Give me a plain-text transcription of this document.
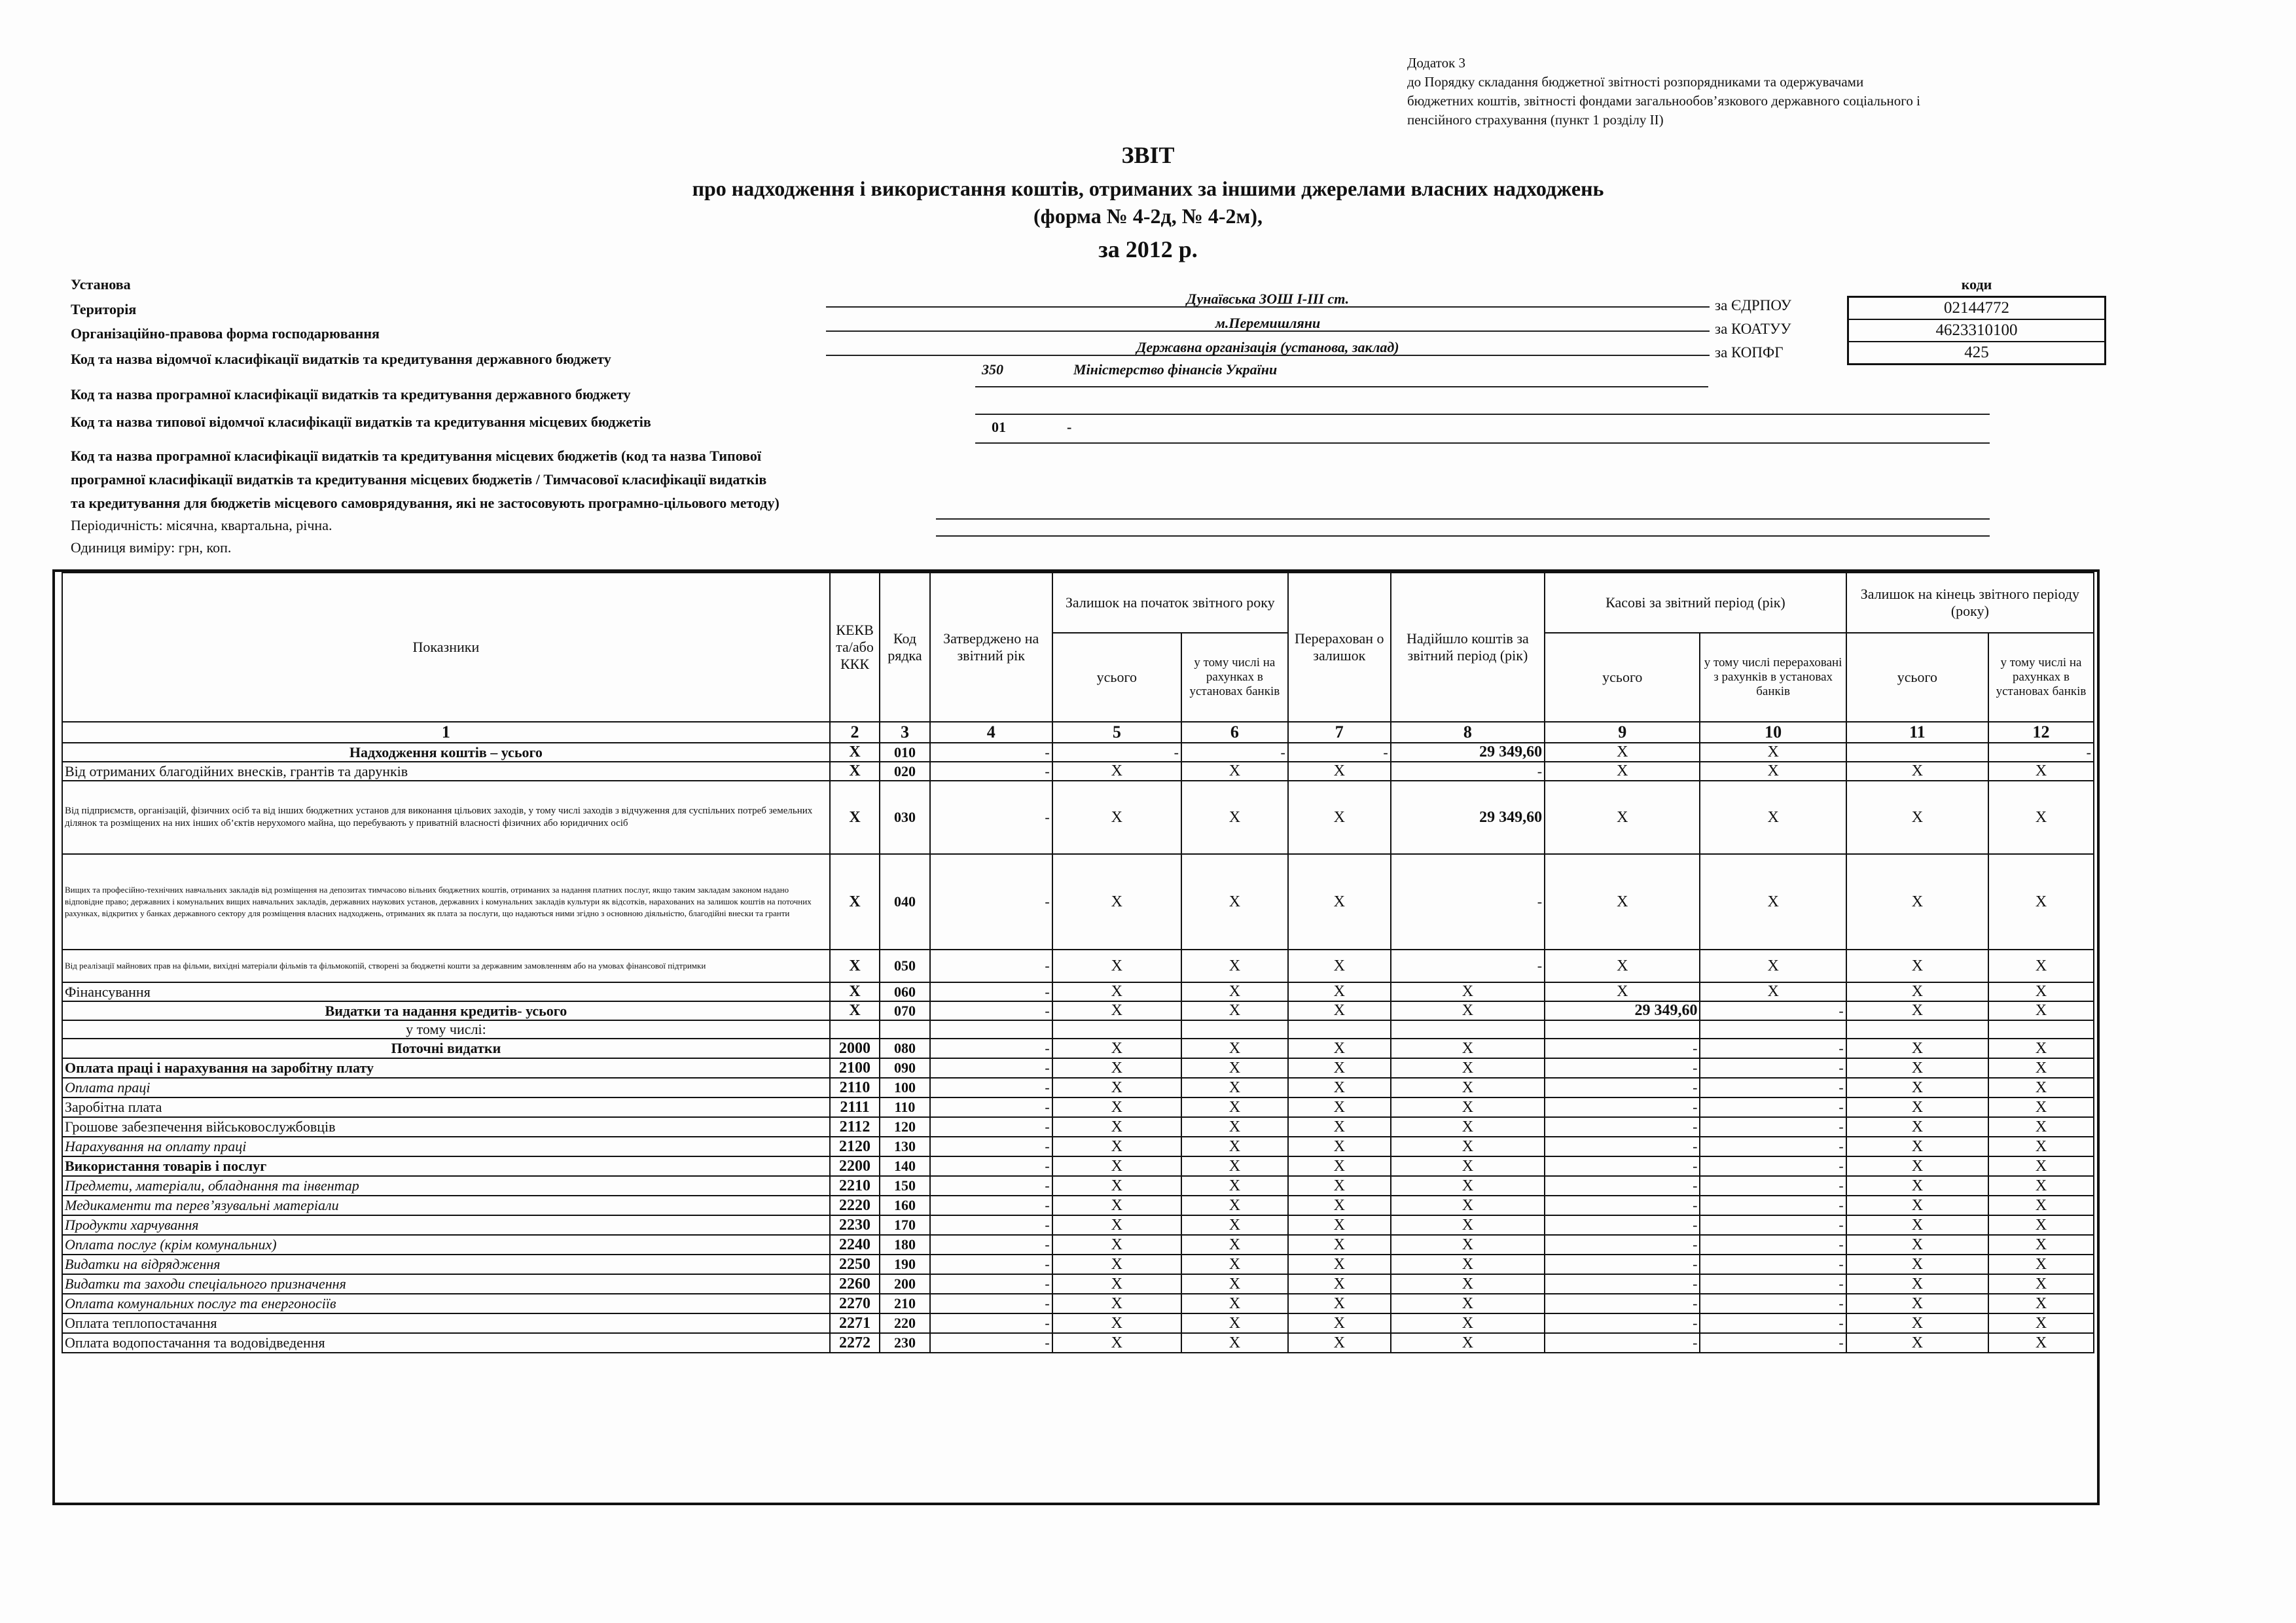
Додаток 3
до Порядку складання бюджетної звітності розпорядниками та одержувачами
бюджетних коштів, звітності фондами загальнообов’язкового державного соціального і
пенсійного страхування (пункт 1 розділу II)
ЗВІТ
про надходження і використання коштів, отриманих за іншими джерелами власних надходжень
(форма № 4-2д, № 4-2м),
за 2012 р.
Установа
Територія
Організаційно-правова форма господарювання
Код та назва відомчої класифікації видатків та кредитування державного бюджету
Код та назва програмної класифікації видатків та кредитування державного бюджету
Код та назва типової відомчої класифікації видатків та кредитування місцевих бюджетів
Код та назва програмної класифікації видатків та кредитування місцевих бюджетів (код та назва Типової
програмної класифікації видатків та кредитування місцевих бюджетів / Тимчасової класифікації видатків
та кредитування для бюджетів місцевого самоврядування, які не застосовують програмно-цільового методу)
Періодичність: місячна, квартальна, річна.
Одиниця виміру: грн, коп.
Дунаївська ЗОШ І-ІІІ ст.
м.Перемишляни
Державна організація (установа, заклад)
350	Міністерство фінансів України
01	-
коди
за ЄДРПОУ
за КОАТУУ
за КОПФГ
02144772
4623310100
425
Показники	КЕКВ та/або ККК	Код рядка	Затверджено на звітний рік	Залишок на початок звітного року		Перерахован о залишок	Надійшло коштів за звітний період (рік)	Касові за звітний період (рік)		Залишок на кінець звітного періоду (року)	
				усього	у тому числі на рахунках в установах банків			усього	у тому числі перераховані з рахунків в установах банків	усього	у тому числі на рахунках в установах банків
1	2	3	4	5	6	7	8	9	10	11	12
Надходження коштів – усього	X	010	-	-	-	-	29 349,60	X	X		-
Від отриманих благодійних внесків, грантів та дарунків	X	020	-	X	X	X	-	X	X	X	X
Від підприємств, організацій, фізичних осіб та від інших бюджетних установ для виконання цільових заходів, у тому числі заходів з відчуження для суспільних потреб земельних ділянок та розміщених на них інших об’єктів нерухомого майна, що перебувають у приватній власності фізичних або юридичних осіб	X	030	-	X	X	X	29 349,60	X	X	X	X
Вищих та професійно-технічних навчальних закладів від розміщення на депозитах тимчасово вільних бюджетних коштів, отриманих за надання платних послуг, якщо таким закладам законом надано відповідне право; державних і комунальних вищих навчальних закладів, державних наукових установ, державних і комунальних закладів культури як відсотків, нарахованих на залишок коштів на поточних рахунках, відкритих у банках державного сектору для розміщення власних надходжень, отриманих як плата за послуги, що надаються ними згідно з основною діяльністю, благодійні внески та гранти	X	040	-	X	X	X	-	X	X	X	X
Від реалізації майнових прав на фільми, вихідні матеріали фільмів та фільмокопій, створені за бюджетні кошти за державним замовленням або на умовах фінансової підтримки	X	050	-	X	X	X	-	X	X	X	X
Фінансування	X	060	-	X	X	X	X	X	X	X	X
Видатки та надання кредитів- усього	X	070	-	X	X	X	X	29 349,60	-	X	X
у тому числі:											
Поточні видатки	2000	080	-	X	X	X	X	-	-	X	X
Оплата праці і нарахування на заробітну плату	2100	090	-	X	X	X	X	-	-	X	X
Оплата праці	2110	100	-	X	X	X	X	-	-	X	X
Заробітна плата	2111	110	-	X	X	X	X	-	-	X	X
Грошове забезпечення військовослужбовців	2112	120	-	X	X	X	X	-	-	X	X
Нарахування на оплату праці	2120	130	-	X	X	X	X	-	-	X	X
Використання товарів і послуг	2200	140	-	X	X	X	X	-	-	X	X
Предмети, матеріали, обладнання та інвентар	2210	150	-	X	X	X	X	-	-	X	X
Медикаменти та перев’язувальні матеріали	2220	160	-	X	X	X	X	-	-	X	X
Продукти харчування	2230	170	-	X	X	X	X	-	-	X	X
Оплата послуг (крім комунальних)	2240	180	-	X	X	X	X	-	-	X	X
Видатки на відрядження	2250	190	-	X	X	X	X	-	-	X	X
Видатки та заходи спеціального призначення	2260	200	-	X	X	X	X	-	-	X	X
Оплата комунальних послуг та енергоносіїв	2270	210	-	X	X	X	X	-	-	X	X
Оплата теплопостачання	2271	220	-	X	X	X	X	-	-	X	X
Оплата водопостачання та водовідведення	2272	230	-	X	X	X	X	-	-	X	X
